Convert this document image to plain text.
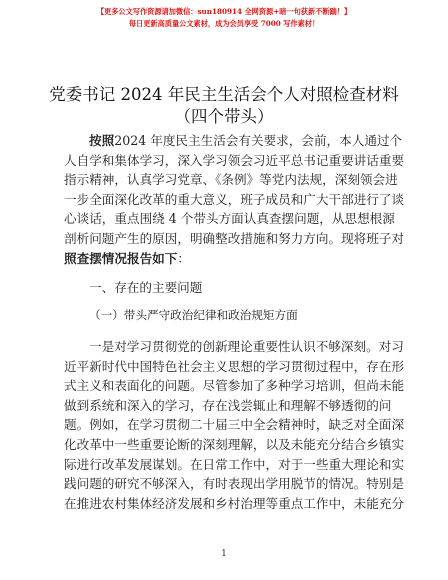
【更多公文写作资源请加微信：sun180914 全网资源+暗一句获新不断踹！】
每日更新高质量公文素材，成为会员享受 7000 写作素材！
党委书记 2024 年民主生活会个人对照检查材料
（四个带头）
按照2024 年度民主生活会有关要求，会前，本人通过个
人自学和集体学习，深入学习领会习近平总书记重要讲话重要
指示精神，认真学习党章、《条例》等党内法规，深刻领会进
一步全面深化改革的重大意义，班子成员和广大干部进行了谈
心谈话，重点围绕 4 个带头方面认真查摆问题，从思想根源
剖析问题产生的原因，明确整改措施和努力方向。现将班子对
照查摆情况报告如下：
一、存在的主要问题
（一）带头严守政治纪律和政治规矩方面
一是对学习贯彻党的创新理论重要性认识不够深刻。对习
近平新时代中国特色社会主义思想的学习贯彻过程中，存在形
式主义和表面化的问题。尽管参加了多种学习培训，但尚未能
做到系统和深入的学习，存在浅尝辄止和理解不够透彻的问
题。例如，在学习贯彻二十届三中全会精神时，缺乏对全面深
化改革中一些重要论断的深刻理解，以及未能充分结合乡镇实
际进行改革发展谋划。在日常工作中，对于一些重大理论和实
践问题的研究不够深入，有时表现出学用脱节的情况。特别是
在推进农村集体经济发展和乡村治理等重点工作中，未能充分
1
